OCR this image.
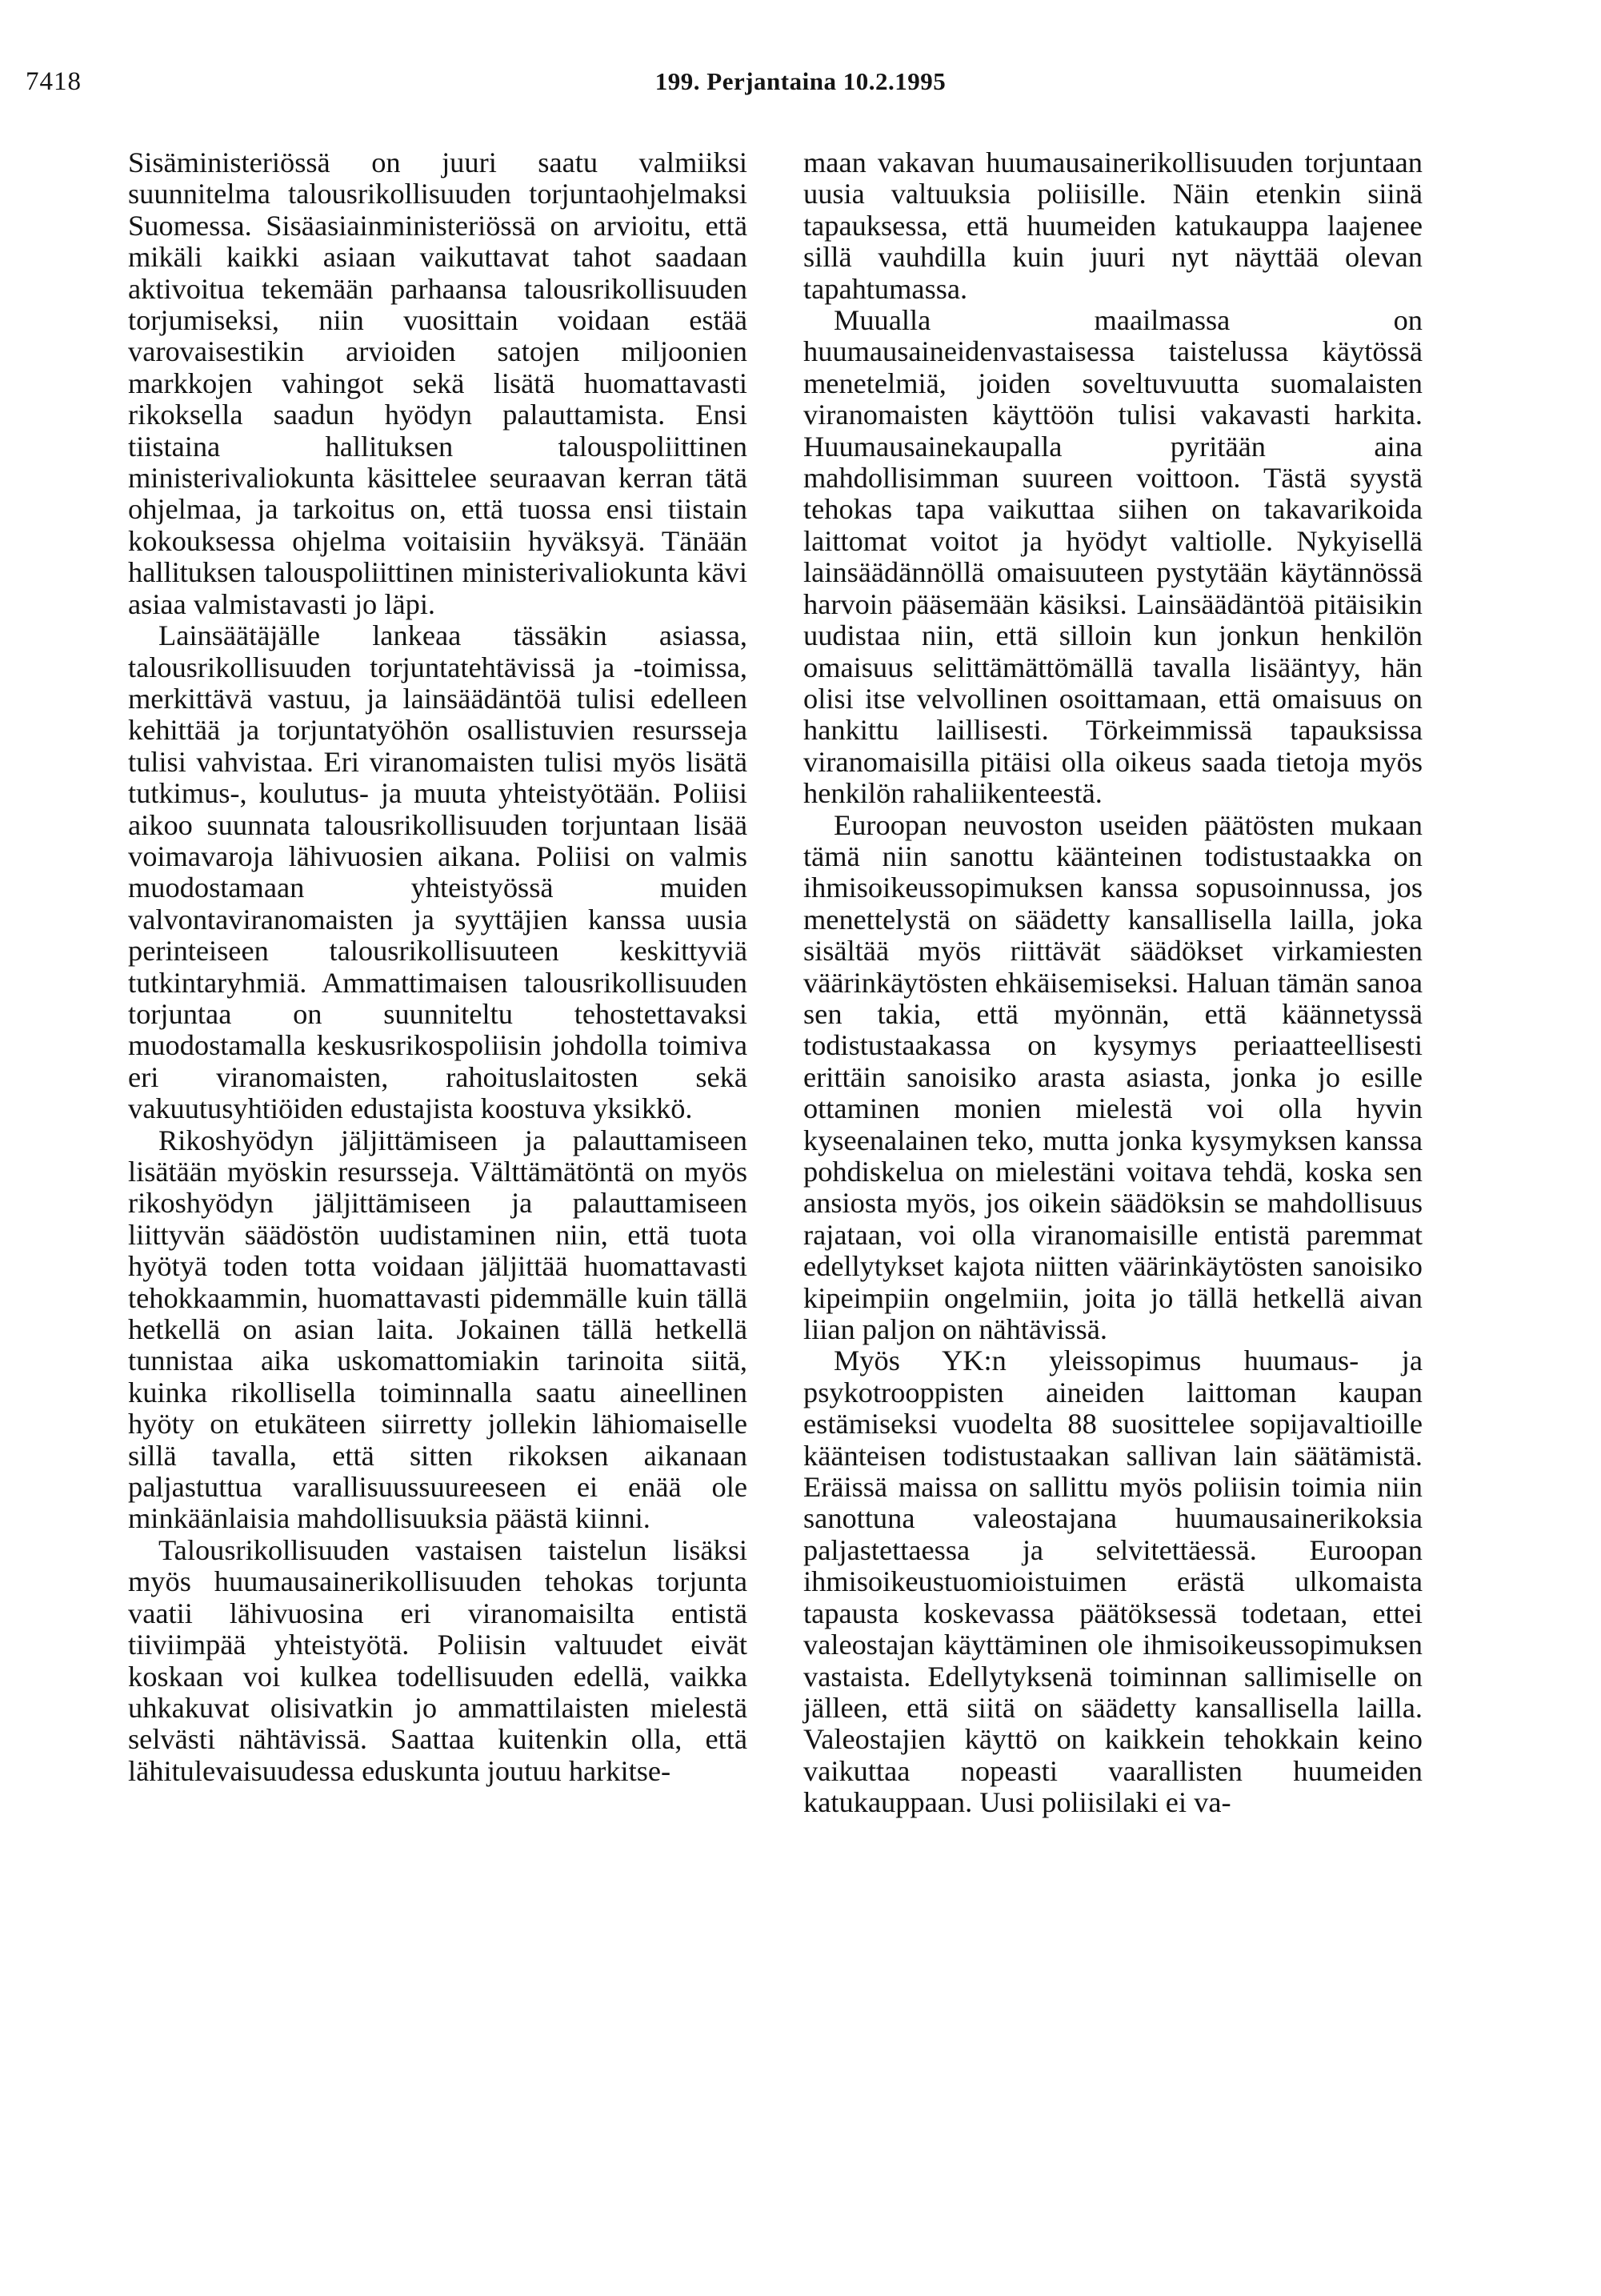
7418	199. Perjantaina 10.2.1995

Sisäministeriössä on juuri saatu valmiiksi suunnitelma talousrikollisuuden torjuntaohjelmaksi Suomessa. Sisäasiainministeriössä on arvioitu, että mikäli kaikki asiaan vaikuttavat tahot saadaan aktivoitua tekemään parhaansa talousrikollisuuden torjumiseksi, niin vuosittain voidaan estää varovaisestikin arvioiden satojen miljoonien markkojen vahingot sekä lisätä huomattavasti rikoksella saadun hyödyn palauttamista. Ensi tiistaina hallituksen talouspoliittinen ministerivaliokunta käsittelee seuraavan kerran tätä ohjelmaa, ja tarkoitus on, että tuossa ensi tiistain kokouksessa ohjelma voitaisiin hyväksyä. Tänään hallituksen talouspoliittinen ministerivaliokunta kävi asiaa valmistavasti jo läpi.

Lainsäätäjälle lankeaa tässäkin asiassa, talousrikollisuuden torjuntatehtävissä ja -toimissa, merkittävä vastuu, ja lainsäädäntöä tulisi edelleen kehittää ja torjuntatyöhön osallistuvien resursseja tulisi vahvistaa. Eri viranomaisten tulisi myös lisätä tutkimus-, koulutus- ja muuta yhteistyötään. Poliisi aikoo suunnata talousrikollisuuden torjuntaan lisää voimavaroja lähivuosien aikana. Poliisi on valmis muodostamaan yhteistyössä muiden valvontaviranomaisten ja syyttäjien kanssa uusia perinteiseen talousrikollisuuteen keskittyviä tutkintaryhmiä. Ammattimaisen talousrikollisuuden torjuntaa on suunniteltu tehostettavaksi muodostamalla keskusrikospoliisin johdolla toimiva eri viranomaisten, rahoituslaitosten sekä vakuutusyhtiöiden edustajista koostuva yksikkö.

Rikoshyödyn jäljittämiseen ja palauttamiseen lisätään myöskin resursseja. Välttämätöntä on myös rikoshyödyn jäljittämiseen ja palauttamiseen liittyvän säädöstön uudistaminen niin, että tuota hyötyä toden totta voidaan jäljittää huomattavasti tehokkaammin, huomattavasti pidemmälle kuin tällä hetkellä on asian laita. Jokainen tällä hetkellä tunnistaa aika uskomattomiakin tarinoita siitä, kuinka rikollisella toiminnalla saatu aineellinen hyöty on etukäteen siirretty jollekin lähiomaiselle sillä tavalla, että sitten rikoksen aikanaan paljastuttua varallisuussuureeseen ei enää ole minkäänlaisia mahdollisuuksia päästä kiinni.

Talousrikollisuuden vastaisen taistelun lisäksi myös huumausainerikollisuuden tehokas torjunta vaatii lähivuosina eri viranomaisilta entistä tiiviimpää yhteistyötä. Poliisin valtuudet eivät koskaan voi kulkea todellisuuden edellä, vaikka uhkakuvat olisivatkin jo ammattilaisten mielestä selvästi nähtävissä. Saattaa kuitenkin olla, että lähitulevaisuudessa eduskunta joutuu harkitse-

maan vakavan huumausainerikollisuuden torjuntaan uusia valtuuksia poliisille. Näin etenkin siinä tapauksessa, että huumeiden katukauppa laajenee sillä vauhdilla kuin juuri nyt näyttää olevan tapahtumassa.

Muualla maailmassa on huumausaineidenvastaisessa taistelussa käytössä menetelmiä, joiden soveltuvuutta suomalaisten viranomaisten käyttöön tulisi vakavasti harkita. Huumausainekaupalla pyritään aina mahdollisimman suureen voittoon. Tästä syystä tehokas tapa vaikuttaa siihen on takavarikoida laittomat voitot ja hyödyt valtiolle. Nykyisellä lainsäädännöllä omaisuuteen pystytään käytännössä harvoin pääsemään käsiksi. Lainsäädäntöä pitäisikin uudistaa niin, että silloin kun jonkun henkilön omaisuus selittämättömällä tavalla lisääntyy, hän olisi itse velvollinen osoittamaan, että omaisuus on hankittu laillisesti. Törkeimmissä tapauksissa viranomaisilla pitäisi olla oikeus saada tietoja myös henkilön rahaliikenteestä.

Euroopan neuvoston useiden päätösten mukaan tämä niin sanottu käänteinen todistustaakka on ihmisoikeussopimuksen kanssa sopusoinnussa, jos menettelystä on säädetty kansallisella lailla, joka sisältää myös riittävät säädökset virkamiesten väärinkäytösten ehkäisemiseksi. Haluan tämän sanoa sen takia, että myönnän, että käännetyssä todistustaakassa on kysymys periaatteellisesti erittäin sanoisiko arasta asiasta, jonka jo esille ottaminen monien mielestä voi olla hyvin kyseenalainen teko, mutta jonka kysymyksen kanssa pohdiskelua on mielestäni voitava tehdä, koska sen ansiosta myös, jos oikein säädöksin se mahdollisuus rajataan, voi olla viranomaisille entistä paremmat edellytykset kajota niitten väärinkäytösten sanoisiko kipeimpiin ongelmiin, joita jo tällä hetkellä aivan liian paljon on nähtävissä.

Myös YK:n yleissopimus huumaus- ja psykotrooppisten aineiden laittoman kaupan estämiseksi vuodelta 88 suosittelee sopijavaltioille käänteisen todistustaakan sallivan lain säätämistä. Eräissä maissa on sallittu myös poliisin toimia niin sanottuna valeostajana huumausainerikoksia paljastettaessa ja selvitettäessä. Euroopan ihmisoikeustuomioistuimen erästä ulkomaista tapausta koskevassa päätöksessä todetaan, ettei valeostajan käyttäminen ole ihmisoikeussopimuksen vastaista. Edellytyksenä toiminnan sallimiselle on jälleen, että siitä on säädetty kansallisella lailla. Valeostajien käyttö on kaikkein tehokkain keino vaikuttaa nopeasti vaarallisten huumeiden katukauppaan. Uusi poliisilaki ei va-
